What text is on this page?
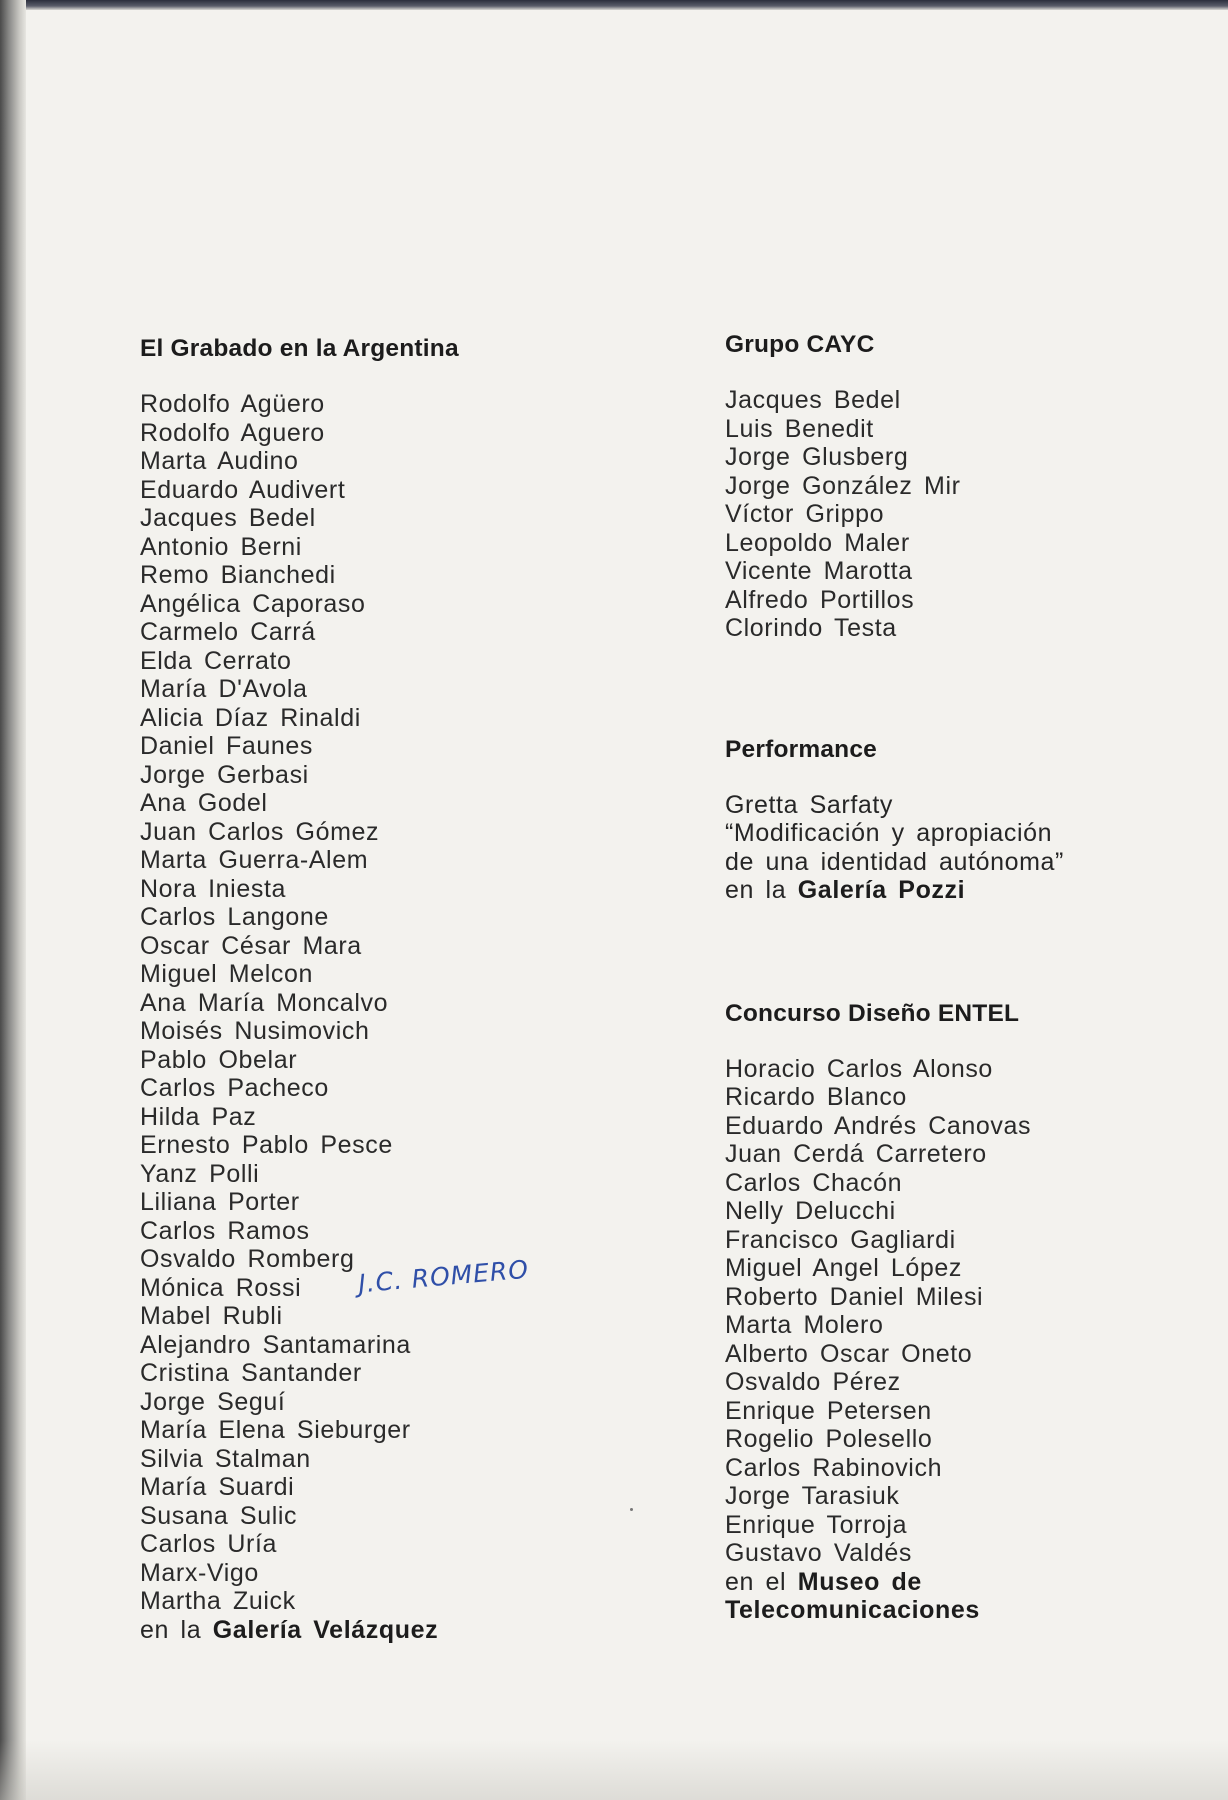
El Grabado en la Argentina
Rodolfo Agüero
Rodolfo Aguero
Marta Audino
Eduardo Audivert
Jacques Bedel
Antonio Berni
Remo Bianchedi
Angélica Caporaso
Carmelo Carrá
Elda Cerrato
María D'Avola
Alicia Díaz Rinaldi
Daniel Faunes
Jorge Gerbasi
Ana Godel
Juan Carlos Gómez
Marta Guerra-Alem
Nora Iniesta
Carlos Langone
Oscar César Mara
Miguel Melcon
Ana María Moncalvo
Moisés Nusimovich
Pablo Obelar
Carlos Pacheco
Hilda Paz
Ernesto Pablo Pesce
Yanz Polli
Liliana Porter
Carlos Ramos
Osvaldo Romberg
Mónica Rossi
Mabel Rubli
Alejandro Santamarina
Cristina Santander
Jorge Seguí
María Elena Sieburger
Silvia Stalman
María Suardi
Susana Sulic
Carlos Uría
Marx-Vigo
Martha Zuick
en la Galería Velázquez
J.C. ROMERO
Grupo CAYC
Jacques Bedel
Luis Benedit
Jorge Glusberg
Jorge González Mir
Víctor Grippo
Leopoldo Maler
Vicente Marotta
Alfredo Portillos
Clorindo Testa
Performance
Gretta Sarfaty
“Modificación y apropiación
de una identidad autónoma”
en la Galería Pozzi
Concurso Diseño ENTEL
Horacio Carlos Alonso
Ricardo Blanco
Eduardo Andrés Canovas
Juan Cerdá Carretero
Carlos Chacón
Nelly Delucchi
Francisco Gagliardi
Miguel Angel López
Roberto Daniel Milesi
Marta Molero
Alberto Oscar Oneto
Osvaldo Pérez
Enrique Petersen
Rogelio Polesello
Carlos Rabinovich
Jorge Tarasiuk
Enrique Torroja
Gustavo Valdés
en el Museo de
Telecomunicaciones
